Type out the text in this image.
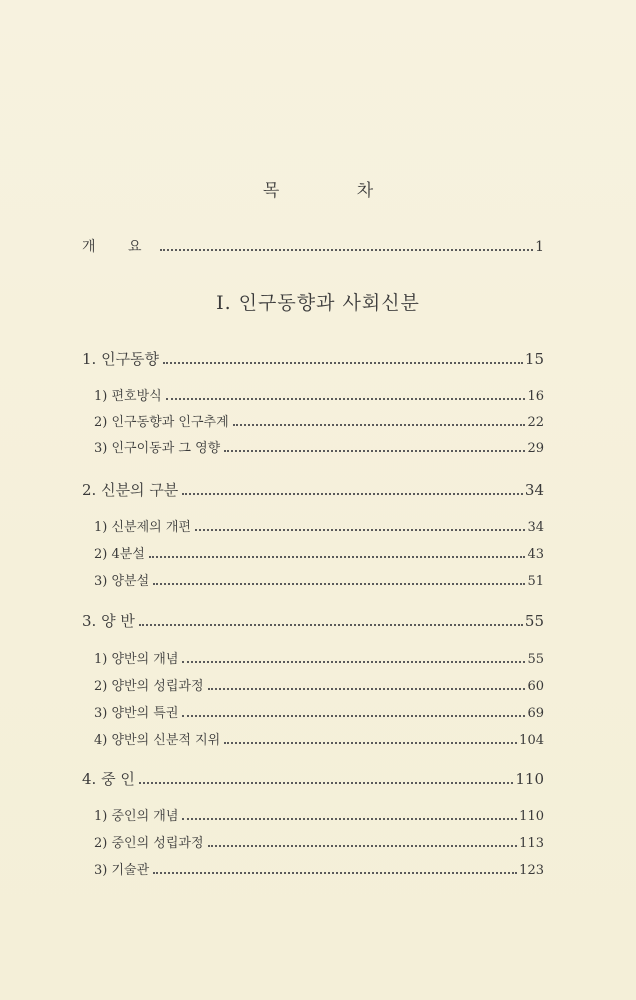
목 차
개 요	1
Ⅰ. 인구동향과 사회신분
1. 인구동향	15
1) 편호방식	16
2) 인구동향과 인구추계	22
3) 인구이동과 그 영향	29
2. 신분의 구분	34
1) 신분제의 개편	34
2) 4분설	43
3) 양분설	51
3. 양 반	55
1) 양반의 개념	55
2) 양반의 성립과정	60
3) 양반의 특권	69
4) 양반의 신분적 지위	104
4. 중 인	110
1) 중인의 개념	110
2) 중인의 성립과정	113
3) 기술관	123
